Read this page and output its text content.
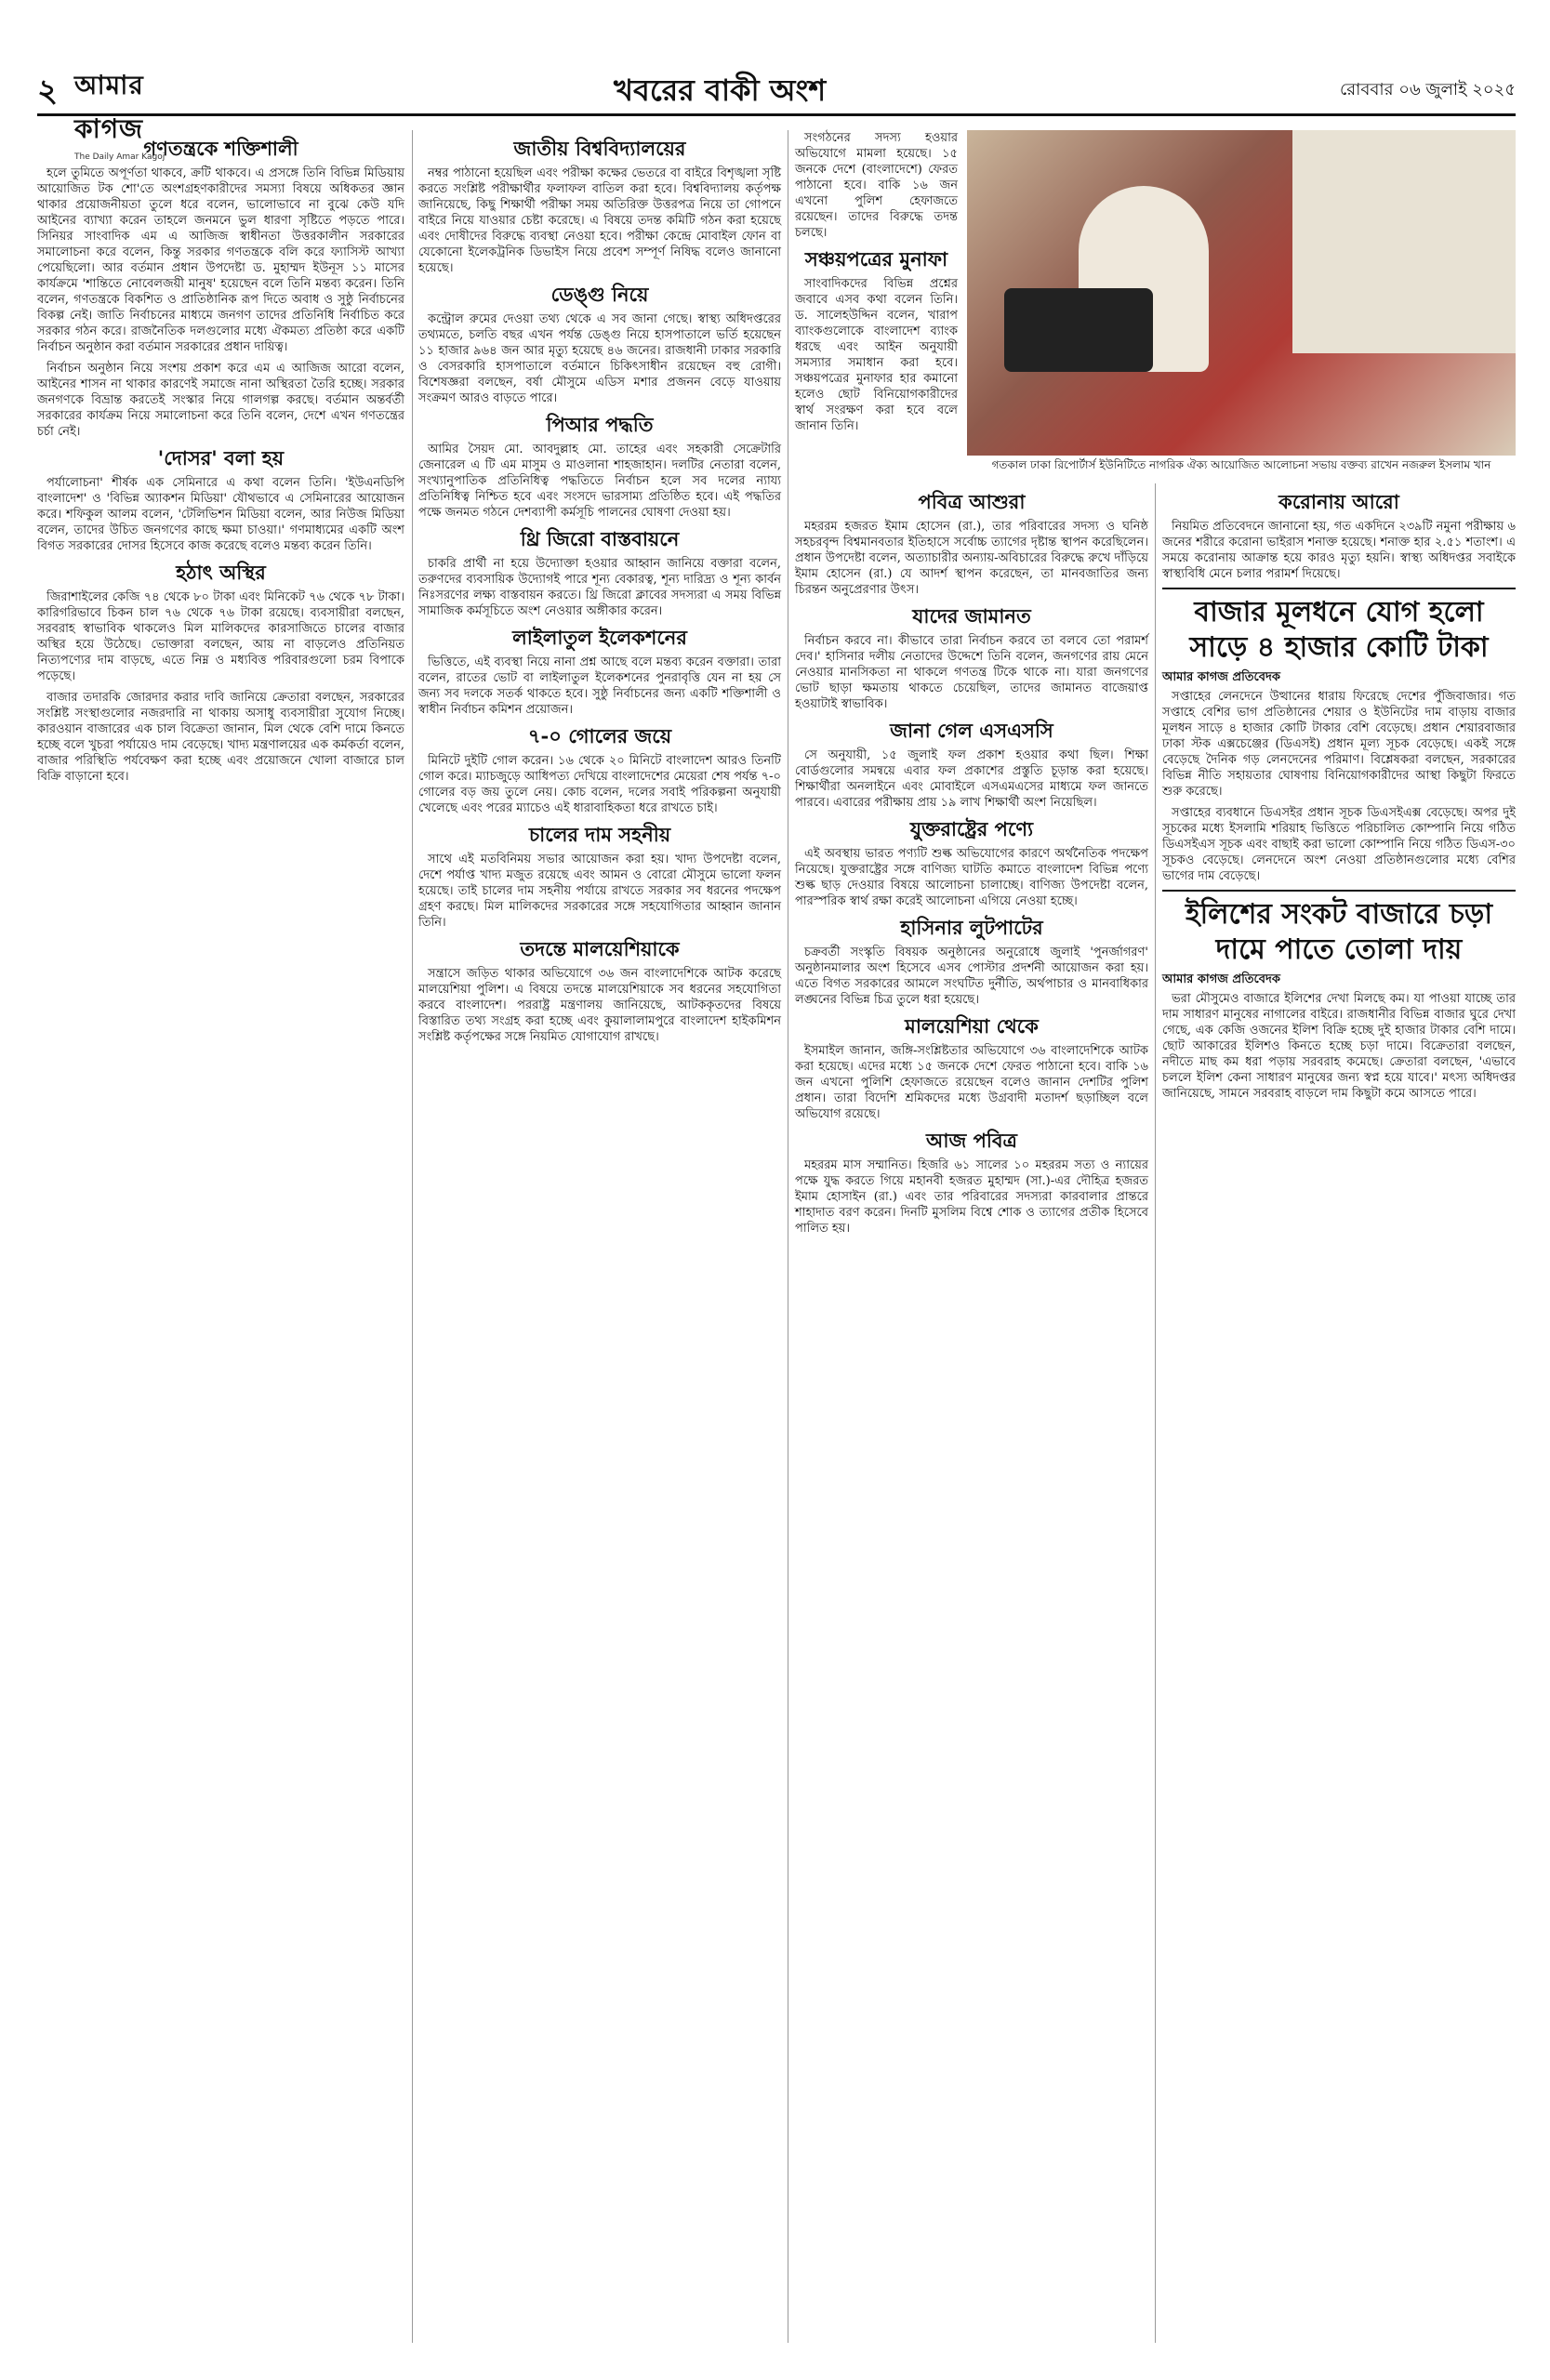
২ আমার কাগজ
The Daily Amar Kagoj
খবরের বাকী অংশ	রোববার ০৬ জুলাই ২০২৫
গণতন্ত্রকে শক্তিশালী

হলে তুমিতে অপূর্ণতা থাকবে, ক্রটি থাকবে। এ প্রসঙ্গে তিনি বিভিন্ন মিডিয়ায় আয়োজিত টক শো'তে অংশগ্রহণকারীদের সমস্যা বিষয়ে অধিকতর জ্ঞান থাকার প্রয়োজনীয়তা তুলে ধরে বলেন, ভালোভাবে না বুঝে কেউ যদি আইনের ব্যাখ্যা করেন তাহলে জনমনে ভুল ধারণা সৃষ্টিতে পড়তে পারে। সিনিয়র সাংবাদিক এম এ আজিজ স্বাধীনতা উত্তরকালীন সরকারের সমালোচনা করে বলেন, কিন্তু সরকার গণতন্ত্রকে বলি করে ফ্যাসিস্ট আখ্যা পেয়েছিলো। আর বর্তমান প্রধান উপদেষ্টা ড. মুহাম্মদ ইউনূস ১১ মাসের কার্যক্রমে 'শান্তিতে নোবেলজয়ী মানুষ' হয়েছেন বলে তিনি মন্তব্য করেন। তিনি বলেন, গণতন্ত্রকে বিকশিত ও প্রাতিষ্ঠানিক রূপ দিতে অবাধ ও সুষ্ঠু নির্বাচনের বিকল্প নেই। জাতি নির্বাচনের মাধ্যমে জনগণ তাদের প্রতিনিধি নির্বাচিত করে সরকার গঠন করে। রাজনৈতিক দলগুলোর মধ্যে ঐকমত্য প্রতিষ্ঠা করে একটি নির্বাচন অনুষ্ঠান করা বর্তমান সরকারের প্রধান দায়িত্ব।

নির্বাচন অনুষ্ঠান নিয়ে সংশয় প্রকাশ করে এম এ আজিজ আরো বলেন, আইনের শাসন না থাকার কারণেই সমাজে নানা অস্থিরতা তৈরি হচ্ছে। সরকার জনগণকে বিভ্রান্ত করতেই সংস্কার নিয়ে গালগল্প করছে। বর্তমান অন্তর্বর্তী সরকারের কার্যক্রম নিয়ে সমালোচনা করে তিনি বলেন, দেশে এখন গণতন্ত্রের চর্চা নেই।

'দোসর' বলা হয়

পর্যালোচনা' শীর্ষক এক সেমিনারে এ কথা বলেন তিনি। 'ইউএনডিপি বাংলাদেশ' ও 'বিভিন্ন অ্যাকশন মিডিয়া' যৌথভাবে এ সেমিনারের আয়োজন করে। শফিকুল আলম বলেন, 'টেলিভিশন মিডিয়া বলেন, আর নিউজ মিডিয়া বলেন, তাদের উচিত জনগণের কাছে ক্ষমা চাওয়া।' গণমাধ্যমের একটি অংশ বিগত সরকারের দোসর হিসেবে কাজ করেছে বলেও মন্তব্য করেন তিনি।

হঠাৎ অস্থির

জিরাশাইলের কেজি ৭৪ থেকে ৮০ টাকা এবং মিনিকেট ৭৬ থেকে ৭৮ টাকা। কারিগরিভাবে চিকন চাল ৭৬ থেকে ৭৬ টাকা রয়েছে। ব্যবসায়ীরা বলছেন, সরবরাহ স্বাভাবিক থাকলেও মিল মালিকদের কারসাজিতে চালের বাজার অস্থির হয়ে উঠেছে। ভোক্তারা বলছেন, আয় না বাড়লেও প্রতিনিয়ত নিত্যপণ্যের দাম বাড়ছে, এতে নিম্ন ও মধ্যবিত্ত পরিবারগুলো চরম বিপাকে পড়েছে।

বাজার তদারকি জোরদার করার দাবি জানিয়ে ক্রেতারা বলছেন, সরকারের সংশ্লিষ্ট সংস্থাগুলোর নজরদারি না থাকায় অসাধু ব্যবসায়ীরা সুযোগ নিচ্ছে। কারওয়ান বাজারের এক চাল বিক্রেতা জানান, মিল থেকে বেশি দামে কিনতে হচ্ছে বলে খুচরা পর্যায়েও দাম বেড়েছে। খাদ্য মন্ত্রণালয়ের এক কর্মকর্তা বলেন, বাজার পরিস্থিতি পর্যবেক্ষণ করা হচ্ছে এবং প্রয়োজনে খোলা বাজারে চাল বিক্রি বাড়ানো হবে।

জাতীয় বিশ্ববিদ্যালয়ের

নম্বর পাঠানো হয়েছিল এবং পরীক্ষা কক্ষের ভেতরে বা বাইরে বিশৃঙ্খলা সৃষ্টি করতে সংশ্লিষ্ট পরীক্ষার্থীর ফলাফল বাতিল করা হবে। বিশ্ববিদ্যালয় কর্তৃপক্ষ জানিয়েছে, কিছু শিক্ষার্থী পরীক্ষা সময় অতিরিক্ত উত্তরপত্র নিয়ে তা গোপনে বাইরে নিয়ে যাওয়ার চেষ্টা করেছে। এ বিষয়ে তদন্ত কমিটি গঠন করা হয়েছে এবং দোষীদের বিরুদ্ধে ব্যবস্থা নেওয়া হবে। পরীক্ষা কেন্দ্রে মোবাইল ফোন বা যেকোনো ইলেকট্রনিক ডিভাইস নিয়ে প্রবেশ সম্পূর্ণ নিষিদ্ধ বলেও জানানো হয়েছে।

ডেঙ্গু নিয়ে

কন্ট্রোল রুমের দেওয়া তথ্য থেকে এ সব জানা গেছে। স্বাস্থ্য অধিদপ্তরের তথ্যমতে, চলতি বছর এখন পর্যন্ত ডেঙ্গু নিয়ে হাসপাতালে ভর্তি হয়েছেন ১১ হাজার ৯৬৪ জন আর মৃত্যু হয়েছে ৪৬ জনের। রাজধানী ঢাকার সরকারি ও বেসরকারি হাসপাতালে বর্তমানে চিকিৎসাধীন রয়েছেন বহু রোগী। বিশেষজ্ঞরা বলছেন, বর্ষা মৌসুমে এডিস মশার প্রজনন বেড়ে যাওয়ায় সংক্রমণ আরও বাড়তে পারে।

পিআর পদ্ধতি

আমির সৈয়দ মো. আবদুল্লাহ মো. তাহের এবং সহকারী সেক্রেটারি জেনারেল এ টি এম মাসুম ও মাওলানা শাহজাহান। দলটির নেতারা বলেন, সংখ্যানুপাতিক প্রতিনিধিত্ব পদ্ধতিতে নির্বাচন হলে সব দলের ন্যায্য প্রতিনিধিত্ব নিশ্চিত হবে এবং সংসদে ভারসাম্য প্রতিষ্ঠিত হবে। এই পদ্ধতির পক্ষে জনমত গঠনে দেশব্যাপী কর্মসূচি পালনের ঘোষণা দেওয়া হয়।

থ্রি জিরো বাস্তবায়নে

চাকরি প্রার্থী না হয়ে উদ্যোক্তা হওয়ার আহ্বান জানিয়ে বক্তারা বলেন, তরুণদের ব্যবসায়িক উদ্যোগই পারে শূন্য বেকারত্ব, শূন্য দারিদ্র্য ও শূন্য কার্বন নিঃসরণের লক্ষ্য বাস্তবায়ন করতে। থ্রি জিরো ক্লাবের সদস্যরা এ সময় বিভিন্ন সামাজিক কর্মসূচিতে অংশ নেওয়ার অঙ্গীকার করেন।

লাইলাতুল ইলেকশনের

ভিত্তিতে, এই ব্যবস্থা নিয়ে নানা প্রশ্ন আছে বলে মন্তব্য করেন বক্তারা। তারা বলেন, রাতের ভোট বা লাইলাতুল ইলেকশনের পুনরাবৃত্তি যেন না হয় সে জন্য সব দলকে সতর্ক থাকতে হবে। সুষ্ঠু নির্বাচনের জন্য একটি শক্তিশালী ও স্বাধীন নির্বাচন কমিশন প্রয়োজন।

৭-০ গোলের জয়ে

মিনিটে দুইটি গোল করেন। ১৬ থেকে ২০ মিনিটে বাংলাদেশ আরও তিনটি গোল করে। ম্যাচজুড়ে আধিপত্য দেখিয়ে বাংলাদেশের মেয়েরা শেষ পর্যন্ত ৭-০ গোলের বড় জয় তুলে নেয়। কোচ বলেন, দলের সবাই পরিকল্পনা অনুযায়ী খেলেছে এবং পরের ম্যাচেও এই ধারাবাহিকতা ধরে রাখতে চাই।

চালের দাম সহনীয়

সাথে এই মতবিনিময় সভার আয়োজন করা হয়। খাদ্য উপদেষ্টা বলেন, দেশে পর্যাপ্ত খাদ্য মজুত রয়েছে এবং আমন ও বোরো মৌসুমে ভালো ফলন হয়েছে। তাই চালের দাম সহনীয় পর্যায়ে রাখতে সরকার সব ধরনের পদক্ষেপ গ্রহণ করছে। মিল মালিকদের সরকারের সঙ্গে সহযোগিতার আহ্বান জানান তিনি।

তদন্তে মালয়েশিয়াকে

সন্ত্রাসে জড়িত থাকার অভিযোগে ৩৬ জন বাংলাদেশিকে আটক করেছে মালয়েশিয়া পুলিশ। এ বিষয়ে তদন্তে মালয়েশিয়াকে সব ধরনের সহযোগিতা করবে বাংলাদেশ। পররাষ্ট্র মন্ত্রণালয় জানিয়েছে, আটককৃতদের বিষয়ে বিস্তারিত তথ্য সংগ্রহ করা হচ্ছে এবং কুয়ালালামপুরে বাংলাদেশ হাইকমিশন সংশ্লিষ্ট কর্তৃপক্ষের সঙ্গে নিয়মিত যোগাযোগ রাখছে।

সংগঠনের সদস্য হওয়ার অভিযোগে মামলা হয়েছে। ১৫ জনকে দেশে (বাংলাদেশে) ফেরত পাঠানো হবে। বাকি ১৬ জন এখনো পুলিশ হেফাজতে রয়েছেন। তাদের বিরুদ্ধে তদন্ত চলছে।

সঞ্চয়পত্রের মুনাফা

সাংবাদিকদের বিভিন্ন প্রশ্নের জবাবে এসব কথা বলেন তিনি। ড. সালেহউদ্দিন বলেন, খারাপ ব্যাংকগুলোকে বাংলাদেশ ব্যাংক ধরছে এবং আইন অনুযায়ী সমস্যার সমাধান করা হবে। সঞ্চয়পত্রের মুনাফার হার কমানো হলেও ছোট বিনিয়োগকারীদের স্বার্থ সংরক্ষণ করা হবে বলে জানান তিনি।

পবিত্র আশুরা

মহররম হজরত ইমাম হোসেন (রা.), তার পরিবারের সদস্য ও ঘনিষ্ঠ সহচরবৃন্দ বিশ্বমানবতার ইতিহাসে সর্বোচ্চ ত্যাগের দৃষ্টান্ত স্থাপন করেছিলেন। প্রধান উপদেষ্টা বলেন, অত্যাচারীর অন্যায়-অবিচারের বিরুদ্ধে রুখে দাঁড়িয়ে ইমাম হোসেন (রা.) যে আদর্শ স্থাপন করেছেন, তা মানবজাতির জন্য চিরন্তন অনুপ্রেরণার উৎস।

যাদের জামানত

নির্বাচন করবে না। কীভাবে তারা নির্বাচন করবে তা বলবে তো পরামর্শ দেব।' হাসিনার দলীয় নেতাদের উদ্দেশে তিনি বলেন, জনগণের রায় মেনে নেওয়ার মানসিকতা না থাকলে গণতন্ত্র টিকে থাকে না। যারা জনগণের ভোট ছাড়া ক্ষমতায় থাকতে চেয়েছিল, তাদের জামানত বাজেয়াপ্ত হওয়াটাই স্বাভাবিক।

জানা গেল এসএসসি

সে অনুযায়ী, ১৫ জুলাই ফল প্রকাশ হওয়ার কথা ছিল। শিক্ষা বোর্ডগুলোর সমন্বয়ে এবার ফল প্রকাশের প্রস্তুতি চূড়ান্ত করা হয়েছে। শিক্ষার্থীরা অনলাইনে এবং মোবাইলে এসএমএসের মাধ্যমে ফল জানতে পারবে। এবারের পরীক্ষায় প্রায় ১৯ লাখ শিক্ষার্থী অংশ নিয়েছিল।

যুক্তরাষ্ট্রের পণ্যে

এই অবস্থায় ভারত পণ্যটি শুল্ক অভিযোগের কারণে অর্থনৈতিক পদক্ষেপ নিয়েছে। যুক্তরাষ্ট্রের সঙ্গে বাণিজ্য ঘাটতি কমাতে বাংলাদেশ বিভিন্ন পণ্যে শুল্ক ছাড় দেওয়ার বিষয়ে আলোচনা চালাচ্ছে। বাণিজ্য উপদেষ্টা বলেন, পারস্পরিক স্বার্থ রক্ষা করেই আলোচনা এগিয়ে নেওয়া হচ্ছে।

হাসিনার লুটপাটের

চক্রবর্তী সংস্কৃতি বিষয়ক অনুষ্ঠানের অনুরোধে জুলাই 'পুনর্জাগরণ' অনুষ্ঠানমালার অংশ হিসেবে এসব পোস্টার প্রদর্শনী আয়োজন করা হয়। এতে বিগত সরকারের আমলে সংঘটিত দুর্নীতি, অর্থপাচার ও মানবাধিকার লঙ্ঘনের বিভিন্ন চিত্র তুলে ধরা হয়েছে।

মালয়েশিয়া থেকে

ইসমাইল জানান, জঙ্গি-সংশ্লিষ্টতার অভিযোগে ৩৬ বাংলাদেশিকে আটক করা হয়েছে। এদের মধ্যে ১৫ জনকে দেশে ফেরত পাঠানো হবে। বাকি ১৬ জন এখনো পুলিশি হেফাজতে রয়েছেন বলেও জানান দেশটির পুলিশ প্রধান। তারা বিদেশি শ্রমিকদের মধ্যে উগ্রবাদী মতাদর্শ ছড়াচ্ছিল বলে অভিযোগ রয়েছে।

আজ পবিত্র

মহররম মাস সম্মানিত। হিজরি ৬১ সালের ১০ মহররম সত্য ও ন্যায়ের পক্ষে যুদ্ধ করতে গিয়ে মহানবী হজরত মুহাম্মদ (সা.)-এর দৌহিত্র হজরত ইমাম হোসাইন (রা.) এবং তার পরিবারের সদস্যরা কারবালার প্রান্তরে শাহাদাত বরণ করেন। দিনটি মুসলিম বিশ্বে শোক ও ত্যাগের প্রতীক হিসেবে পালিত হয়।

গতকাল ঢাকা রিপোর্টার্স ইউনিটিতে নাগরিক ঐক্য আয়োজিত আলোচনা সভায় বক্তব্য রাখেন নজরুল ইসলাম খান
করোনায় আরো

নিয়মিত প্রতিবেদনে জানানো হয়, গত একদিনে ২৩৯টি নমুনা পরীক্ষায় ৬ জনের শরীরে করোনা ভাইরাস শনাক্ত হয়েছে। শনাক্ত হার ২.৫১ শতাংশ। এ সময়ে করোনায় আক্রান্ত হয়ে কারও মৃত্যু হয়নি। স্বাস্থ্য অধিদপ্তর সবাইকে স্বাস্থ্যবিধি মেনে চলার পরামর্শ দিয়েছে।

বাজার মূলধনে যোগ হলো সাড়ে ৪ হাজার কোটি টাকা
আমার কাগজ প্রতিবেদক

সপ্তাহের লেনদেনে উত্থানের ধারায় ফিরেছে দেশের পুঁজিবাজার। গত সপ্তাহে বেশির ভাগ প্রতিষ্ঠানের শেয়ার ও ইউনিটের দাম বাড়ায় বাজার মূলধন সাড়ে ৪ হাজার কোটি টাকার বেশি বেড়েছে। প্রধান শেয়ারবাজার ঢাকা স্টক এক্সচেঞ্জের (ডিএসই) প্রধান মূল্য সূচক বেড়েছে। একই সঙ্গে বেড়েছে দৈনিক গড় লেনদেনের পরিমাণ। বিশ্লেষকরা বলছেন, সরকারের বিভিন্ন নীতি সহায়তার ঘোষণায় বিনিয়োগকারীদের আস্থা কিছুটা ফিরতে শুরু করেছে।

সপ্তাহের ব্যবধানে ডিএসইর প্রধান সূচক ডিএসইএক্স বেড়েছে। অপর দুই সূচকের মধ্যে ইসলামি শরিয়াহ ভিত্তিতে পরিচালিত কোম্পানি নিয়ে গঠিত ডিএসইএস সূচক এবং বাছাই করা ভালো কোম্পানি নিয়ে গঠিত ডিএস-৩০ সূচকও বেড়েছে। লেনদেনে অংশ নেওয়া প্রতিষ্ঠানগুলোর মধ্যে বেশির ভাগের দাম বেড়েছে।

ইলিশের সংকট বাজারে চড়া দামে পাতে তোলা দায়
আমার কাগজ প্রতিবেদক

ভরা মৌসুমেও বাজারে ইলিশের দেখা মিলছে কম। যা পাওয়া যাচ্ছে তার দাম সাধারণ মানুষের নাগালের বাইরে। রাজধানীর বিভিন্ন বাজার ঘুরে দেখা গেছে, এক কেজি ওজনের ইলিশ বিক্রি হচ্ছে দুই হাজার টাকার বেশি দামে। ছোট আকারের ইলিশও কিনতে হচ্ছে চড়া দামে। বিক্রেতারা বলছেন, নদীতে মাছ কম ধরা পড়ায় সরবরাহ কমেছে। ক্রেতারা বলছেন, 'এভাবে চললে ইলিশ কেনা সাধারণ মানুষের জন্য স্বপ্ন হয়ে যাবে।' মৎস্য অধিদপ্তর জানিয়েছে, সামনে সরবরাহ বাড়লে দাম কিছুটা কমে আসতে পারে।
